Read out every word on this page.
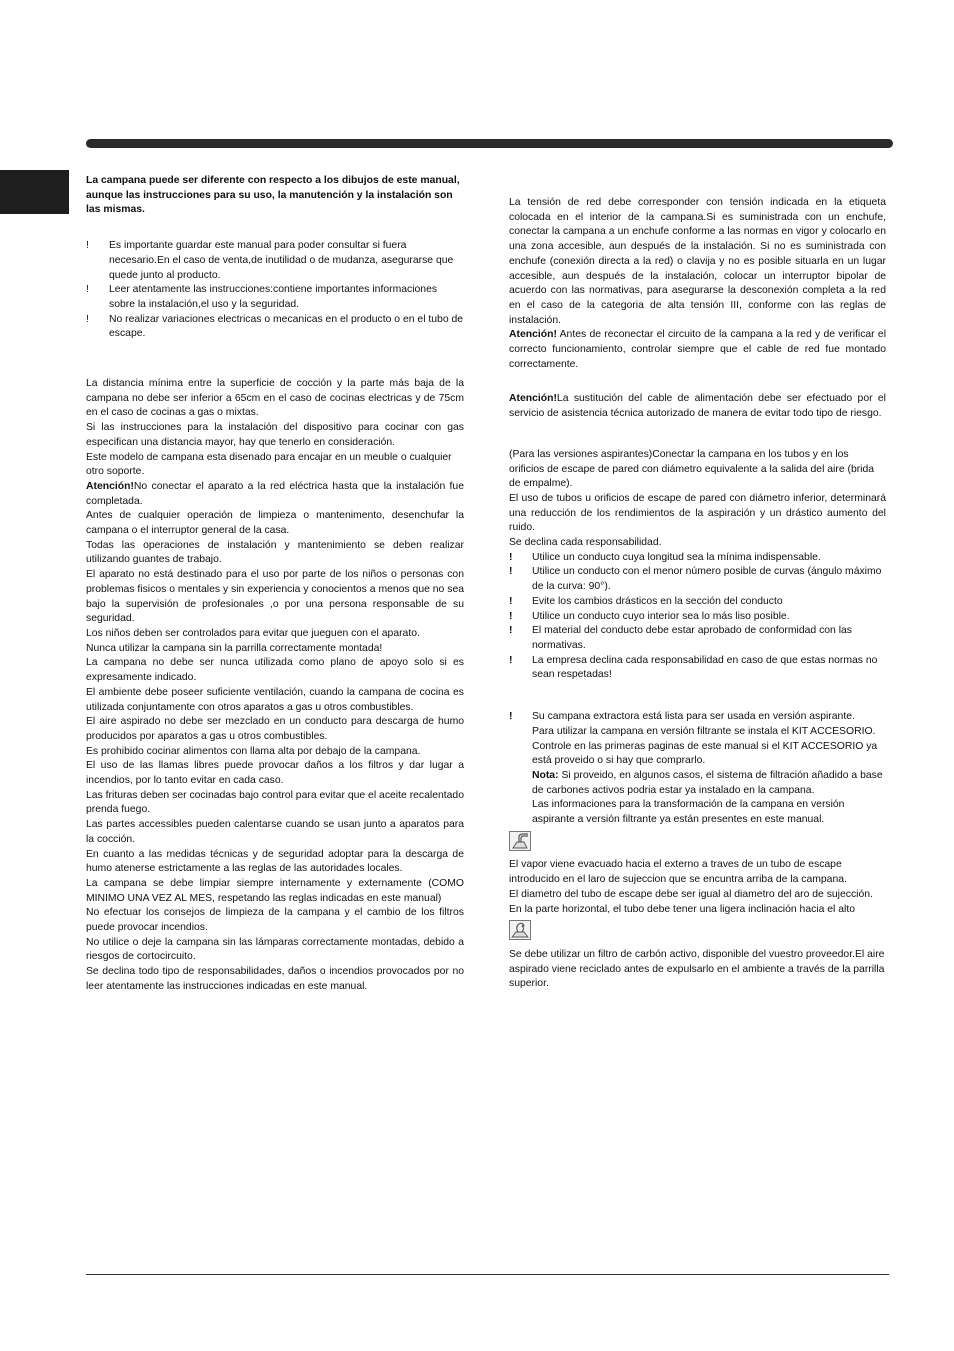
La campana puede ser diferente con respecto a los dibujos de este manual, aunque las instrucciones para su uso, la manutención y la instalación son las mismas.

! Es importante guardar este manual para poder consultar si fuera necesario.En el caso de venta,de inutilidad o de mudanza, asegurarse que quede junto al producto.
! Leer atentamente las instrucciones:contiene importantes informaciones sobre la instalación,el uso y la seguridad.
! No realizar variaciones electricas o mecanicas en el producto o en el tubo de escape.

La distancia mínima entre la superficie de cocción y la parte más baja de la campana no debe ser inferior a 65cm en el caso de cocinas electricas y de 75cm en el caso de cocinas a gas o mixtas.

Si las instrucciones para la instalación del dispositivo para cocinar con gas especifican una distancia mayor, hay que tenerlo en consideración.

Este modelo de campana esta disenado para encajar en un meuble o cualquier otro soporte.

Atención!No conectar el aparato a la red eléctrica hasta que la instalación fue completada.

Antes de cualquier operación de limpieza o mantenimento, desenchufar la campana o el interruptor general de la casa.

Todas las operaciones de instalación y mantenimiento se deben realizar utilizando guantes de trabajo.

El aparato no está destinado para el uso por parte de los niños o personas con problemas fisicos o mentales y sin experiencia y conocientos a menos que no sea bajo la supervisión de profesionales ,o por una persona responsable de su seguridad.

Los niños deben ser controlados para evitar que jueguen con el aparato.

Nunca utilizar la campana sin la parrilla correctamente montada!

La campana no debe ser nunca utilizada como plano de apoyo solo si es expresamente indicado.

El ambiente debe poseer suficiente ventilación, cuando la campana de cocina es utilizada conjuntamente con otros aparatos a gas u otros combustibles.

El aire aspirado no debe ser mezclado en un conducto para descarga de humo producidos por aparatos a gas u otros combustibles.

Es prohibido cocinar alimentos con llama alta por debajo de la campana.

El uso de las llamas libres puede provocar daños a los filtros y dar lugar a incendios, por lo tanto evitar en cada caso.

Las frituras deben ser cocinadas bajo control para evitar que el aceite recalentado prenda fuego.

Las partes accessibles pueden calentarse cuando se usan junto a aparatos para la cocción.

En cuanto a las medidas técnicas y de seguridad adoptar para la descarga de humo atenerse estrictamente a las reglas de las autoridades locales.

La campana se debe limpiar siempre internamente y externamente (COMO MINIMO UNA VEZ AL MES, respetando las reglas indicadas en este manual)

No efectuar los consejos de limpieza de la campana y el cambio de los filtros puede provocar incendios.

No utilice o deje la campana sin las lámparas correctamente montadas, debido a riesgos de cortocircuito.

Se declina todo tipo de responsabilidades, daños o incendios provocados por no leer atentamente las instrucciones indicadas en este manual.

La tensión de red debe corresponder con tensión indicada en la etiqueta colocada en el interior de la campana.Si es suministrada con un enchufe, conectar la campana a un enchufe conforme a las normas en vigor y colocarlo en una zona accesible, aun después de la instalación. Si no es suministrada con enchufe (conexión directa a la red) o clavija y no es posible situarla en un lugar accesible, aun después de la instalación, colocar un interruptor bipolar de acuerdo con las normativas, para asegurarse la desconexión completa a la red en el caso de la categoria de alta tensión III, conforme con las reglas de instalación.

Atención! Antes de reconectar el circuito de la campana a la red y de verificar el correcto funcionamiento, controlar siempre que el cable de red fue montado correctamente.

Atención!La sustitución del cable de alimentación debe ser efectuado por el servicio de asistencia técnica autorizado de manera de evitar todo tipo de riesgo.

(Para las versiones aspirantes)Conectar la campana en los tubos y en los orificios de escape de pared con diámetro equivalente a la salida del aire (brida de empalme).

El uso de tubos u orificios de escape de pared con diámetro inferior, determinará una reducción de los rendimientos de la aspiración y un drástico aumento del ruido.

Se declina cada responsabilidad.

! Utilice un conducto cuya longitud sea la mínima indispensable.
! Utilice un conducto con el menor número posible de curvas (ángulo máximo de la curva: 90°).
! Evite los cambios drásticos en la sección del conducto
! Utilice un conducto cuyo interior sea lo más liso posible.
! El material del conducto debe estar aprobado de conformidad con las normativas.
! La empresa declina cada responsabilidad en caso de que estas normas no sean respetadas!
! Su campana extractora está lista para ser usada en versión aspirante.

Para utilizar la campana en versión filtrante se instala el KIT ACCESORIO. Controle en las primeras paginas de este manual si el KIT ACCESORIO ya está proveido o si hay que comprarlo.

Nota: Si proveido, en algunos casos, el sistema de filtración añadido a base de carbones activos podria estar ya instalado en la campana.

Las informaciones para la transformación de la campana en versión aspirante a versión filtrante ya están presentes en este manual.

El vapor viene evacuado hacia el externo a traves de un tubo de escape introducido en el laro de sujeccion que se encuntra arriba de la campana.

El diametro del tubo de escape debe ser igual al diametro del aro de sujección.

En la parte horizontal, el tubo debe tener una ligera inclinación hacia el alto

Se debe utilizar un filtro de carbón activo, disponible del vuestro proveedor.El aire aspirado viene reciclado antes de expulsarlo en el ambiente a través de la parrilla superior.
